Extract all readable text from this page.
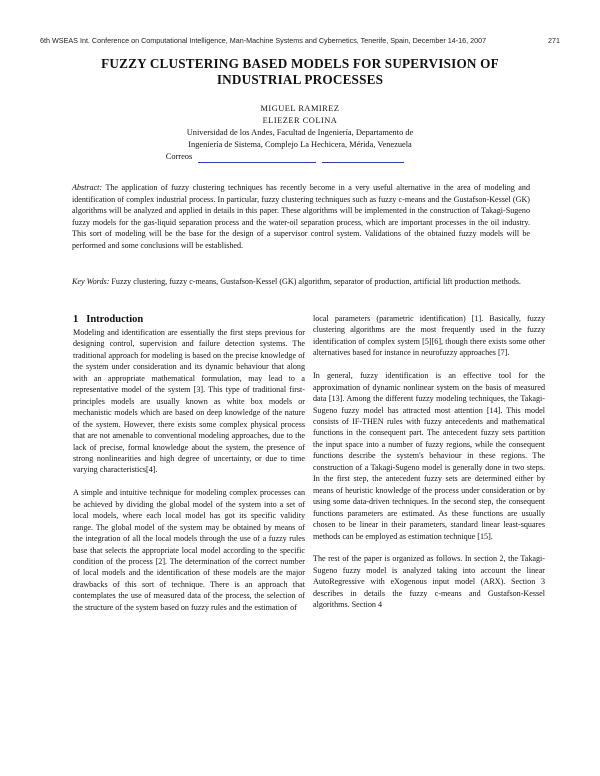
6th WSEAS Int. Conference on Computational Intelligence, Man-Machine Systems and Cybernetics, Tenerife, Spain, December 14-16, 2007	271
FUZZY CLUSTERING BASED MODELS FOR SUPERVISION OF INDUSTRIAL PROCESSES
MIGUEL RAMIREZ
ELIEZER COLINA
Universidad de los Andes, Facultad de Ingeniería, Departamento de
Ingeniería de Sistema, Complejo La Hechicera, Mérida, Venezuela
Correos
Abstract: The application of fuzzy clustering techniques has recently become in a very useful alternative in the area of modeling and identification of complex industrial process. In particular, fuzzy clustering techniques such as fuzzy c-means and the Gustafson-Kessel (GK) algorithms will be analyzed and applied in details in this paper. These algorithms will be implemented in the construction of Takagi-Sugeno fuzzy models for the gas-liquid separation process and the water-oil separation process, which are important processes in the oil industry. This sort of modeling will be the base for the design of a supervisor control system. Validations of the obtained fuzzy models will be performed and some conclusions will be established.
Key Words: Fuzzy clustering, fuzzy c-means, Gustafson-Kessel (GK) algorithm, separator of production, artificial lift production methods.
1 Introduction

Modeling and identification are essentially the first steps previous for designing control, supervision and failure detection systems. The traditional approach for modeling is based on the precise knowledge of the system under consideration and its dynamic behaviour that along with an appropriate mathematical formulation, may lead to a representative model of the system [3]. This type of traditional first-principles models are usually known as white box models or mechanistic models which are based on deep knowledge of the nature of the system. However, there exists some complex physical process that are not amenable to conventional modeling approaches, due to the lack of precise, formal knowledge about the system, the presence of strong nonlinearities and high degree of uncertainty, or due to time varying characteristics[4].

A simple and intuitive technique for modeling complex processes can be achieved by dividing the global model of the system into a set of local models, where each local model has got its specific validity range. The global model of the system may be obtained by means of the integration of all the local models through the use of a fuzzy rules base that selects the appropriate local model according to the specific condition of the process [2]. The determination of the correct number of local models and the identification of these models are the major drawbacks of this sort of technique. There is an approach that contemplates the use of measured data of the process, the selection of the structure of the system based on fuzzy rules and the estimation of

local parameters (parametric identification) [1]. Basically, fuzzy clustering algorithms are the most frequently used in the fuzzy identification of complex system [5][6], though there exists some other alternatives based for instance in neurofuzzy approaches [7].

In general, fuzzy identification is an effective tool for the approximation of dynamic nonlinear system on the basis of measured data [13]. Among the different fuzzy modeling techniques, the Takagi-Sugeno fuzzy model has attracted most attention [14]. This model consists of IF-THEN rules with fuzzy antecedents and mathematical functions in the consequent part. The antecedent fuzzy sets partition the input space into a number of fuzzy regions, while the consequent functions describe the system's behaviour in these regions. The construction of a Takagi-Sugeno model is generally done in two steps. In the first step, the antecedent fuzzy sets are determined either by means of heuristic knowledge of the process under consideration or by using some data-driven techniques. In the second step, the consequent functions parameters are estimated. As these functions are usually chosen to be linear in their parameters, standard linear least-squares methods can be employed as estimation technique [15].

The rest of the paper is organized as follows. In section 2, the Takagi-Sugeno fuzzy model is analyzed taking into account the linear AutoRegressive with eXogenous input model (ARX). Section 3 describes in details the fuzzy c-means and Gustafson-Kessel algorithms. Section 4
